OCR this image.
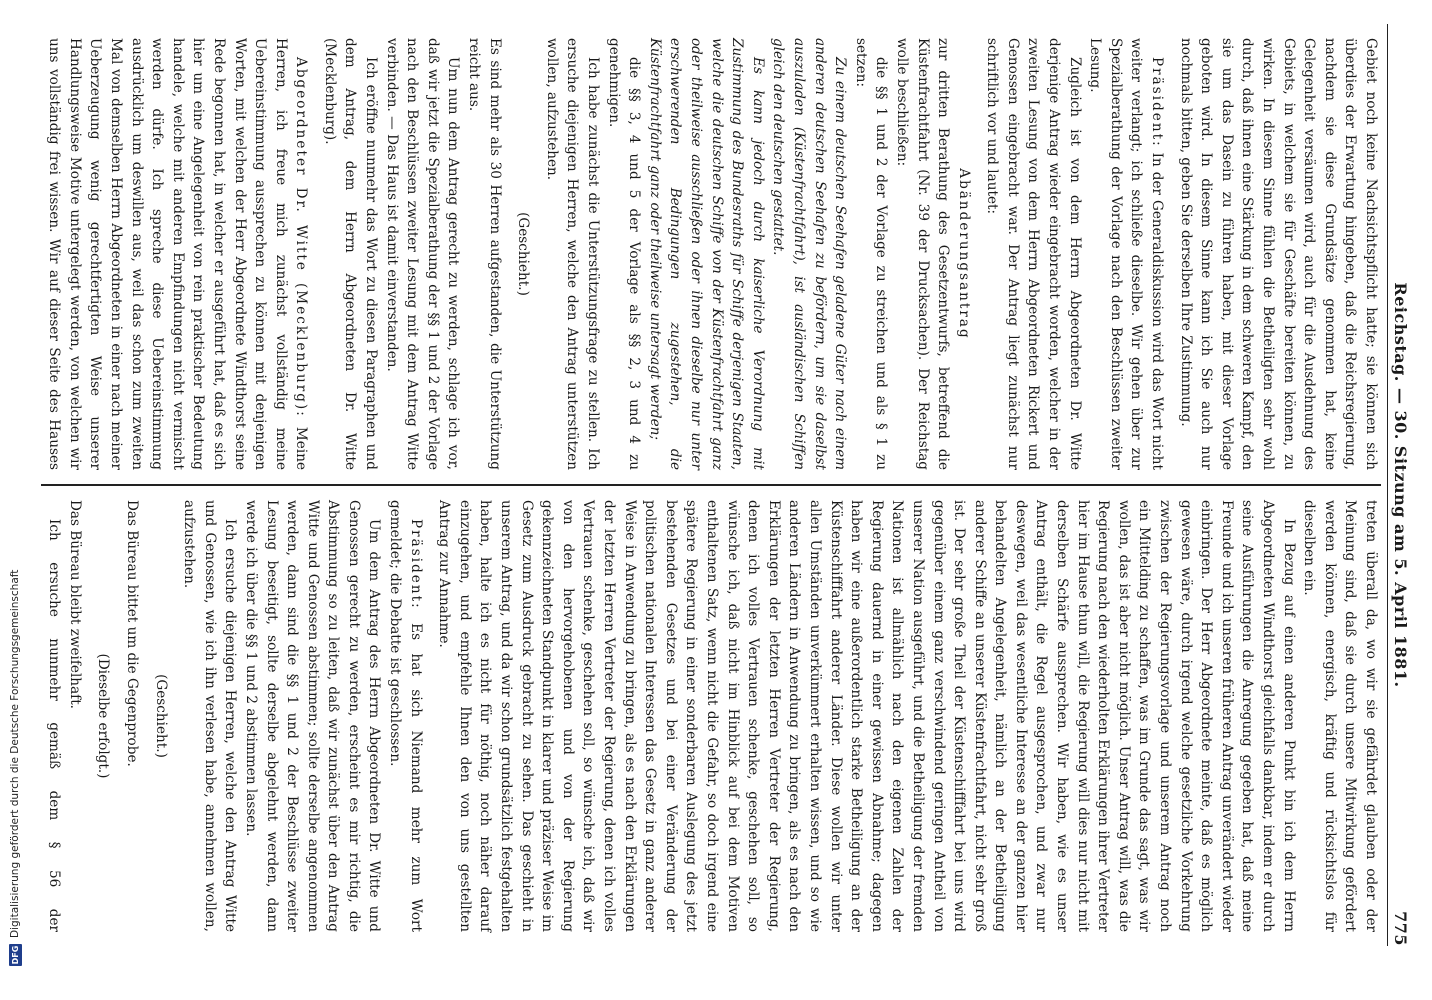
Reichstag. — 30. Sitzung am 5. April 1881.
775

Gebiet noch keine Nachsichtspflicht hatte; sie können sich überdies der Erwartung hingeben, daß die Reichsregierung, nachdem sie diese Grundsätze genommen hat, keine Gelegenheit versäumen wird, auch für die Ausdehnung des Gebiets, in welchem sie für Geschäfte bereiten können, zu wirken. In diesem Sinne fühlen die Betheiligten sehr wohl durch, daß ihnen eine Stärkung in dem schweren Kampf, den sie um das Dasein zu führen haben, mit dieser Vorlage geboten wird. In diesem Sinne kann ich Sie auch nur nochmals bitten, geben Sie derselben Ihre Zustimmung.

Präsident: In der Generaldiskussion wird das Wort nicht weiter verlangt; ich schließe dieselbe. Wir gehen über zur Spezialberathung der Vorlage nach den Beschlüssen zweiter Lesung.

Zugleich ist von dem Herrn Abgeordneten Dr. Witte derjenige Antrag wieder eingebracht worden, welcher in der zweiten Lesung von dem Herrn Abgeordneten Rickert und Genossen eingebracht war. Der Antrag liegt zunächst nur schriftlich vor und lautet:

Abänderungsantrag

zur dritten Berathung des Gesetzentwurfs, betreffend die Küstenfrachtfahrt (Nr. 39 der Drucksachen). Der Reichstag wolle beschließen:

die §§ 1 und 2 der Vorlage zu streichen und als § 1 zu setzen:

Zu einem deutschen Seehafen geladene Güter nach einem anderen deutschen Seehafen zu befördern, um sie daselbst auszuladen (Küstenfrachtfahrt), ist ausländischen Schiffen gleich den deutschen gestattet.

Es kann jedoch durch kaiserliche Verordnung mit Zustimmung des Bundesraths für Schiffe derjenigen Staaten, welche die deutschen Schiffe von der Küstenfrachtfahrt ganz oder theilweise ausschließen oder ihnen dieselbe nur unter erschwerenden Bedingungen zugestehen, die Küstenfrachtfahrt ganz oder theilweise untersagt werden;

die §§ 3, 4 und 5 der Vorlage als §§ 2, 3 und 4 zu genehmigen.

Ich habe zunächst die Unterstützungsfrage zu stellen. Ich ersuche diejenigen Herren, welche den Antrag unterstützen wollen, aufzustehen.

(Geschieht.)

Es sind mehr als 30 Herren aufgestanden, die Unterstützung reicht aus.

Um nun dem Antrag gerecht zu werden, schlage ich vor, daß wir jetzt die Spezialberathung der §§ 1 und 2 der Vorlage nach den Beschlüssen zweiter Lesung mit dem Antrag Witte verbinden. — Das Haus ist damit einverstanden.

Ich eröffne nunmehr das Wort zu diesen Paragraphen und dem Antrag, dem Herrn Abgeordneten Dr. Witte (Mecklenburg).

Abgeordneter Dr. Witte (Mecklenburg): Meine Herren, ich freue mich zunächst vollständig meine Uebereinstimmung aussprechen zu können mit denjenigen Worten, mit welchen der Herr Abgeordnete Windthorst seine Rede begonnen hat, in welcher er ausgeführt hat, daß es sich hier um eine Angelegenheit von rein praktischer Bedeutung handele, welche mit anderen Empfindungen nicht vermischt werden dürfe. Ich spreche diese Uebereinstimmung ausdrücklich um deswillen aus, weil das schon zum zweiten Mal von demselben Herrn Abgeordneten in einer nach meiner Ueberzeugung wenig gerechtfertigten Weise unserer Handlungsweise Motive untergelegt werden, von welchen wir uns vollständig frei wissen. Wir auf dieser Seite des Hauses

treten überall da, wo wir sie gefährdet glauben oder der Meinung sind, daß sie durch unsere Mitwirkung gefördert werden können, energisch, kräftig und rücksichtslos für dieselben ein.

In Bezug auf einen anderen Punkt bin ich dem Herrn Abgeordneten Windthorst gleichfalls dankbar, indem er durch seine Ausführungen die Anregung gegeben hat, daß meine Freunde und ich unseren früheren Antrag unverändert wieder einbringen. Der Herr Abgeordnete meinte, daß es möglich gewesen wäre, durch irgend welche gesetzliche Vorkehrung zwischen der Regierungsvorlage und unserem Antrag noch ein Mittelding zu schaffen, was im Grunde das sagt, was wir wollen, das ist aber nicht möglich. Unser Antrag will, was die Regierung nach den wiederholten Erklärungen ihrer Vertreter hier im Hause thun will, die Regierung will dies nur nicht mit derselben Schärfe aussprechen. Wir haben, wie es unser Antrag enthält, die Regel ausgesprochen, und zwar nur deswegen, weil das wesentliche Interesse an der ganzen hier behandelten Angelegenheit, nämlich an der Betheiligung anderer Schiffe an unserer Küstenfrachtfahrt, nicht sehr groß ist. Der sehr große Theil der Küstenschifffahrt bei uns wird gegenüber einem ganz verschwindend geringen Antheil von unserer Nation ausgeführt, und die Betheiligung der fremden Nationen ist allmählich nach den eigenen Zahlen der Regierung dauernd in einer gewissen Abnahme; dagegen haben wir eine außerordentlich starke Betheiligung an der Küstenschifffahrt anderer Länder. Diese wollen wir unter allen Umständen unverkümmert erhalten wissen, und so wie anderen Ländern in Anwendung zu bringen, als es nach den Erklärungen der letzten Herren Vertreter der Regierung, denen ich volles Vertrauen schenke, geschehen soll, so wünsche ich, daß nicht im Hinblick auf bei dem Motiven enthaltenen Satz, wenn nicht die Gefahr, so doch irgend eine spätere Regierung in einer sonderbaren Auslegung des jetzt bestehenden Gesetzes und bei einer Veränderung der politischen nationalen Interessen das Gesetz in ganz anderer Weise in Anwendung zu bringen, als es nach den Erklärungen der letzten Herren Vertreter der Regierung, denen ich volles Vertrauen schenke, geschehen soll, so wünsche ich, daß wir von den hervorgehobenen und von der Regierung gekennzeichneten Standpunkt in klarer und präziser Weise im Gesetz zum Ausdruck gebracht zu sehen. Das geschieht in unserem Antrag, und da wir schon grundsätzlich festgehalten haben, halte ich es nicht für nöthig, noch näher darauf einzugehen, und empfehle Ihnen den von uns gestellten Antrag zur Annahme.

Präsident: Es hat sich Niemand mehr zum Wort gemeldet; die Debatte ist geschlossen.

Um dem Antrag des Herrn Abgeordneten Dr. Witte und Genossen gerecht zu werden, erscheint es mir richtig, die Abstimmung so zu leiten, daß wir zunächst über den Antrag Witte und Genossen abstimmen; sollte derselbe angenommen werden, dann sind die §§ 1 und 2 der Beschlüsse zweiter Lesung beseitigt, sollte derselbe abgelehnt werden, dann werde ich über die §§ 1 und 2 abstimmen lassen.

Ich ersuche diejenigen Herren, welche den Antrag Witte und Genossen, wie ich ihn verlesen habe, annehmen wollen, aufzustehen.

(Geschieht.)

Das Büreau bittet um die Gegenprobe.

(Dieselbe erfolgt.)

Das Büreau bleibt zweifelhaft.

Ich ersuche nunmehr gemäß dem § 56 der

DFG
Digitalisierung gefördert durch die Deutsche Forschungsgemeinschaft
